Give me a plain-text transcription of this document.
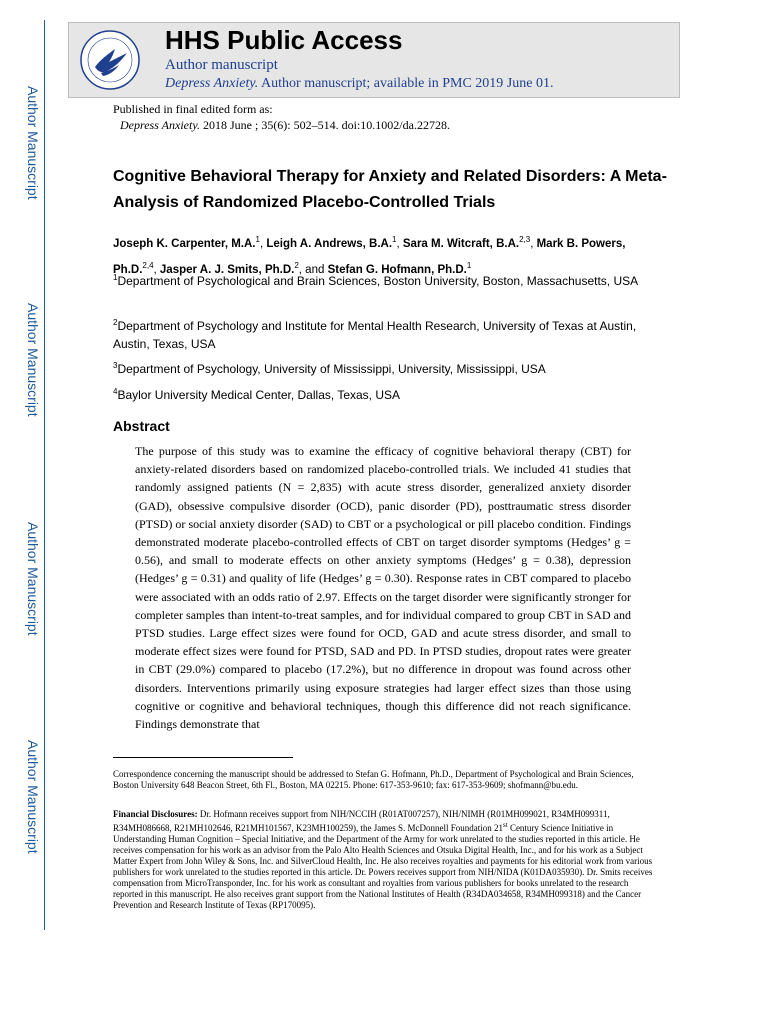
Author Manuscript
Author Manuscript
Author Manuscript
Author Manuscript
HHS Public Access
Author manuscript
Depress Anxiety. Author manuscript; available in PMC 2019 June 01.
Published in final edited form as:
Depress Anxiety. 2018 June ; 35(6): 502–514. doi:10.1002/da.22728.
Cognitive Behavioral Therapy for Anxiety and Related Disorders: A Meta-Analysis of Randomized Placebo-Controlled Trials
Joseph K. Carpenter, M.A.$^1$, Leigh A. Andrews, B.A.$^1$, Sara M. Witcraft, B.A.$^{2,3}$, Mark B. Powers, Ph.D.$^{2,4}$, Jasper A. J. Smits, Ph.D.$^2$, and Stefan G. Hofmann, Ph.D.$^1$
$^1$Department of Psychological and Brain Sciences, Boston University, Boston, Massachusetts, USA
$^2$Department of Psychology and Institute for Mental Health Research, University of Texas at Austin, Austin, Texas, USA
$^3$Department of Psychology, University of Mississippi, University, Mississippi, USA
$^4$Baylor University Medical Center, Dallas, Texas, USA
Abstract
The purpose of this study was to examine the efficacy of cognitive behavioral therapy (CBT) for anxiety-related disorders based on randomized placebo-controlled trials. We included 41 studies that randomly assigned patients (N = 2,835) with acute stress disorder, generalized anxiety disorder (GAD), obsessive compulsive disorder (OCD), panic disorder (PD), posttraumatic stress disorder (PTSD) or social anxiety disorder (SAD) to CBT or a psychological or pill placebo condition. Findings demonstrated moderate placebo-controlled effects of CBT on target disorder symptoms (Hedges’ g = 0.56), and small to moderate effects on other anxiety symptoms (Hedges’ g = 0.38), depression (Hedges’ g = 0.31) and quality of life (Hedges’ g = 0.30). Response rates in CBT compared to placebo were associated with an odds ratio of 2.97. Effects on the target disorder were significantly stronger for completer samples than intent-to-treat samples, and for individual compared to group CBT in SAD and PTSD studies. Large effect sizes were found for OCD, GAD and acute stress disorder, and small to moderate effect sizes were found for PTSD, SAD and PD. In PTSD studies, dropout rates were greater in CBT (29.0%) compared to placebo (17.2%), but no difference in dropout was found across other disorders. Interventions primarily using exposure strategies had larger effect sizes than those using cognitive or cognitive and behavioral techniques, though this difference did not reach significance. Findings demonstrate that
Correspondence concerning the manuscript should be addressed to Stefan G. Hofmann, Ph.D., Department of Psychological and Brain Sciences, Boston University 648 Beacon Street, 6th Fl., Boston, MA 02215. Phone: 617-353-9610; fax: 617-353-9609; shofmann@bu.edu.
Financial Disclosures: Dr. Hofmann receives support from NIH/NCCIH (R01AT007257), NIH/NIMH (R01MH099021, R34MH099311, R34MH086668, R21MH102646, R21MH101567, K23MH100259), the James S. McDonnell Foundation 21st Century Science Initiative in Understanding Human Cognition – Special Initiative, and the Department of the Army for work unrelated to the studies reported in this article. He receives compensation for his work as an advisor from the Palo Alto Health Sciences and Otsuka Digital Health, Inc., and for his work as a Subject Matter Expert from John Wiley & Sons, Inc. and SilverCloud Health, Inc. He also receives royalties and payments for his editorial work from various publishers for work unrelated to the studies reported in this article. Dr. Powers receives support from NIH/NIDA (K01DA035930). Dr. Smits receives compensation from MicroTransponder, Inc. for his work as consultant and royalties from various publishers for books unrelated to the research reported in this manuscript. He also receives grant support from the National Institutes of Health (R34DA034658, R34MH099318) and the Cancer Prevention and Research Institute of Texas (RP170095).
